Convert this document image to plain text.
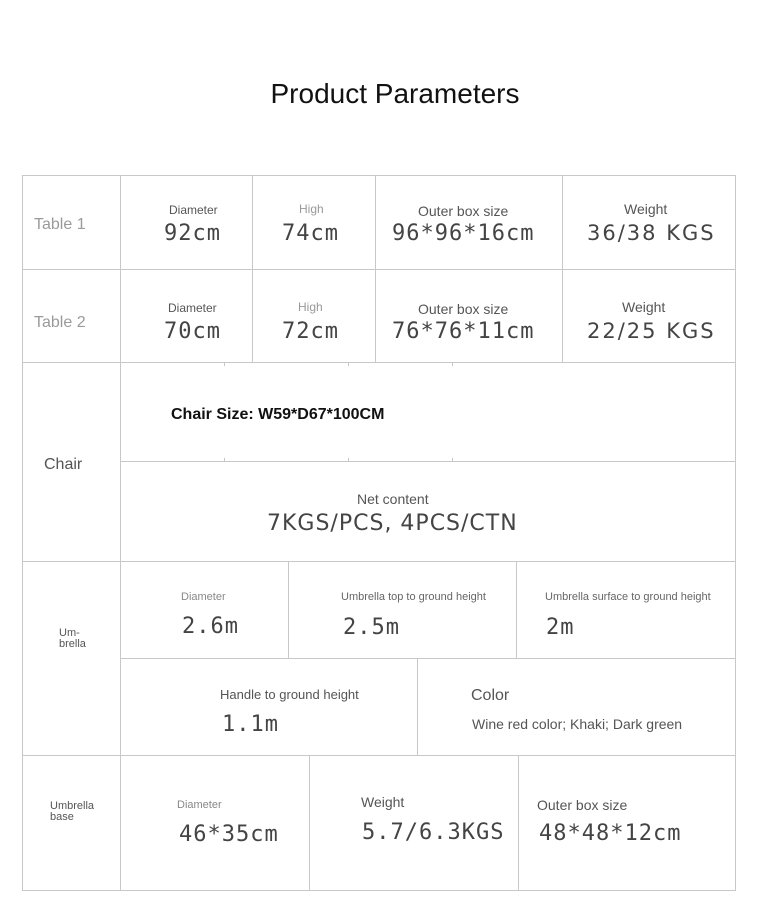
Product Parameters
Table 1
Diameter
92cm
High
74cm
Outer box size
96*96*16cm
Weight
36/38 KGS
Table 2
Diameter
70cm
High
72cm
Outer box size
76*76*11cm
Weight
22/25 KGS
Chair
Chair Size: W59*D67*100CM
Net content
7KGS/PCS, 4PCS/CTN
Um-
brella
Diameter
2.6m
Umbrella top to ground height
2.5m
Umbrella surface to ground height
2m
Handle to ground height
1.1m
Color
Wine red color; Khaki; Dark green
Umbrella
base
Diameter
46*35cm
Weight
5.7/6.3KGS
Outer box size
48*48*12cm
